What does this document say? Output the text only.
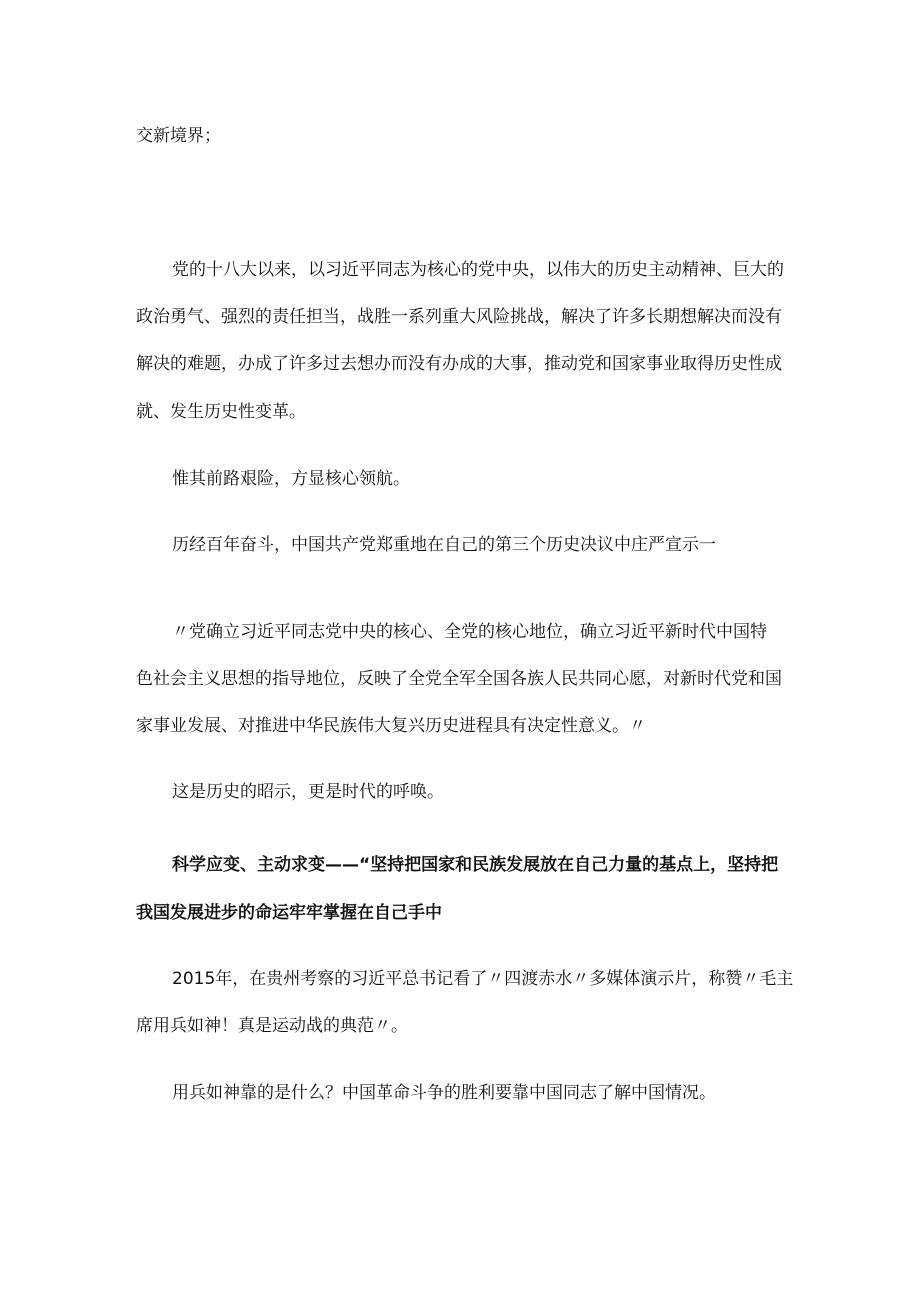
交新境界；
党的十八大以来，以习近平同志为核心的党中央，以伟大的历史主动精神、巨大的
政治勇气、强烈的责任担当，战胜一系列重大风险挑战，解决了许多长期想解决而没有
解决的难题，办成了许多过去想办而没有办成的大事，推动党和国家事业取得历史性成
就、发生历史性变革。
惟其前路艰险，方显核心领航。
历经百年奋斗，中国共产党郑重地在自己的第三个历史决议中庄严宣示一
〃党确立习近平同志党中央的核心、全党的核心地位，确立习近平新时代中国特
色社会主义思想的指导地位，反映了全党全军全国各族人民共同心愿，对新时代党和国
家事业发展、对推进中华民族伟大复兴历史进程具有决定性意义。〃
这是历史的昭示，更是时代的呼唤。
科学应变、主动求变——“坚持把国家和民族发展放在自己力量的基点上，坚持把
我国发展进步的命运牢牢掌握在自己手中
2015年，在贵州考察的习近平总书记看了〃四渡赤水〃多媒体演示片，称赞〃毛主
席用兵如神！真是运动战的典范〃。
用兵如神靠的是什么？中国革命斗争的胜利要靠中国同志了解中国情况。
